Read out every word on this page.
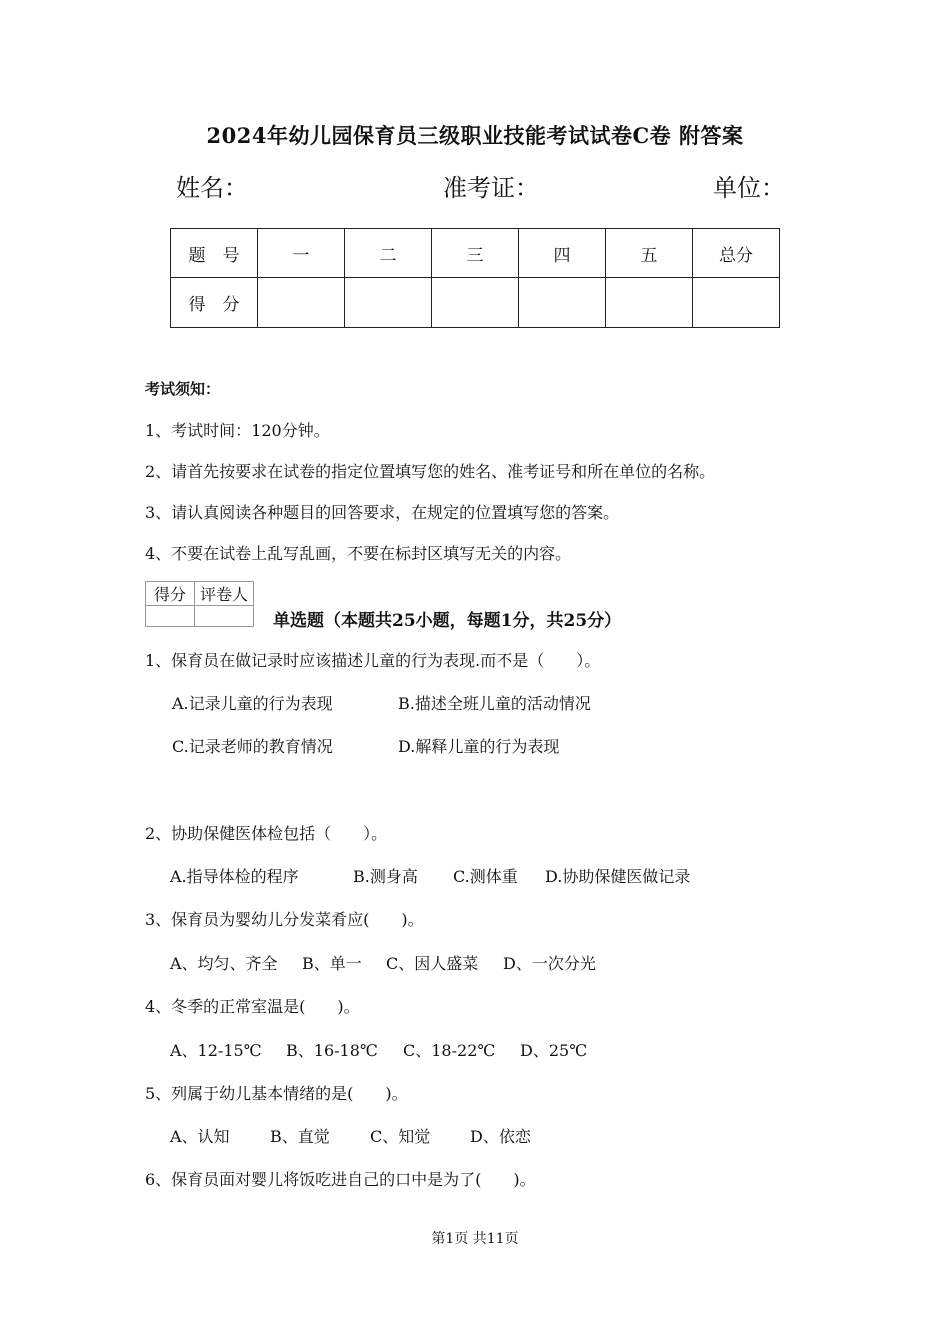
2024年幼儿园保育员三级职业技能考试试卷C卷 附答案
姓名：	准考证：	单位：
题　号	一	二	三	四	五	总分
得　分						
考试须知：
1、考试时间：120分钟。
2、请首先按要求在试卷的指定位置填写您的姓名、准考证号和所在单位的名称。
3、请认真阅读各种题目的回答要求，在规定的位置填写您的答案。
4、不要在试卷上乱写乱画，不要在标封区填写无关的内容。
得分	评卷人

单选题（本题共25小题，每题1分，共25分）
1、保育员在做记录时应该描述儿童的行为表现.而不是（　　）。
A.记录儿童的行为表现	B.描述全班儿童的活动情况
C.记录老师的教育情况	D.解释儿童的行为表现
2、协助保健医体检包括（　　）。
A.指导体检的程序	B.测身高 C.测体重 D.协助保健医做记录
3、保育员为婴幼儿分发菜肴应(　　)。
A、均匀、齐全 B、单一 C、因人盛菜 D、一次分光
4、冬季的正常室温是(　　)。
A、12-15℃ B、16-18℃ C、18-22℃ D、25℃
5、列属于幼儿基本情绪的是(　　)。
A、认知	B、直觉	C、知觉 D、依恋
6、保育员面对婴儿将饭吃进自己的口中是为了(　　)。
第1页 共11页
